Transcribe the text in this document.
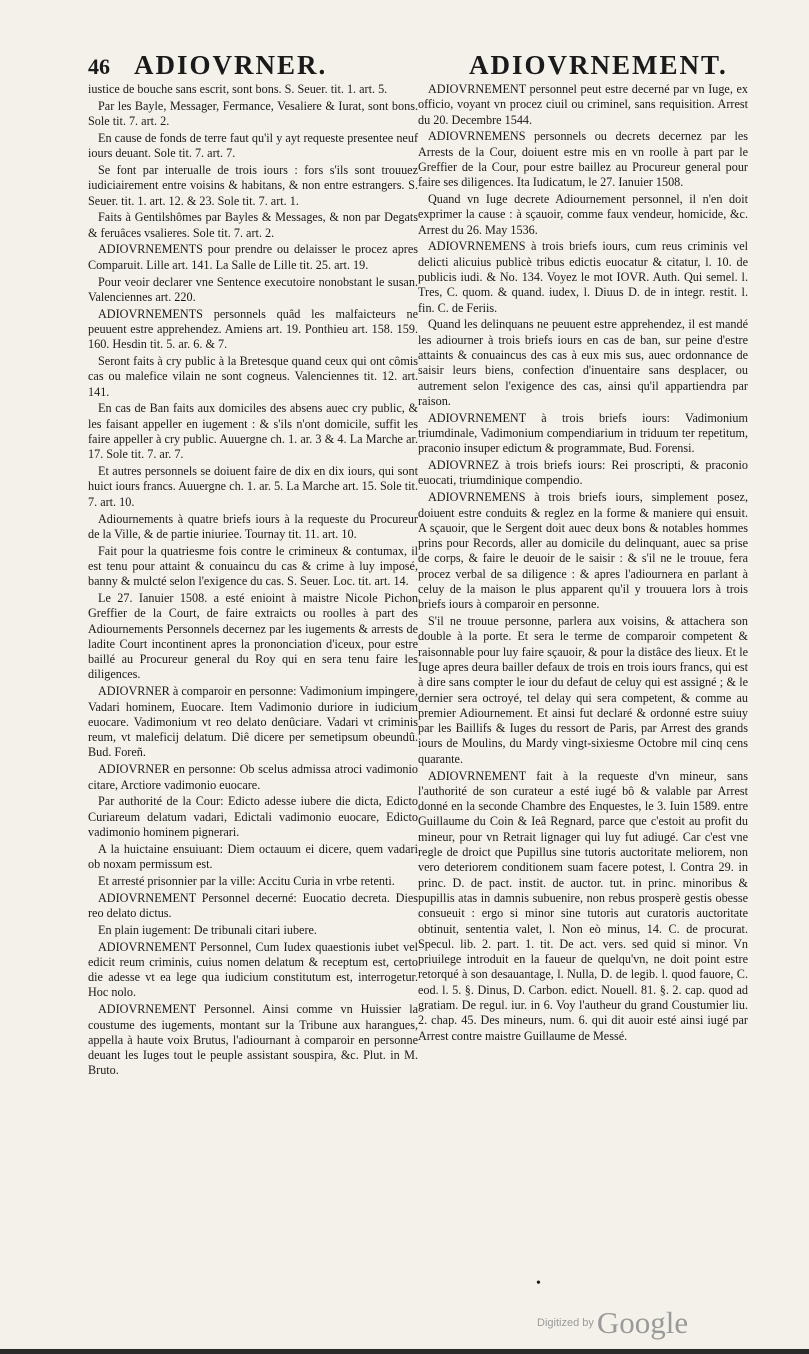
46 ADIOVRNER.	ADIOVRNEMENT.

iustice de bouche sans escrit, sont bons. S. Seuer. tit. 1. art. 5.

Par les Bayle, Messager, Fermance, Vesaliere & Iurat, sont bons. Sole tit. 7. art. 2.

En cause de fonds de terre faut qu'il y ayt requeste presentee neuf iours deuant. Sole tit. 7. art. 7.

Se font par interualle de trois iours : fors s'ils sont trouuez iudiciairement entre voisins & habitans, & non entre estrangers. S. Seuer. tit. 1. art. 12. & 23. Sole tit. 7. art. 1.

Faits à Gentilshômes par Bayles & Messages, & non par Degats & feruâces vsalieres. Sole tit. 7. art. 2.

ADIOVRNEMENTS pour prendre ou delaisser le procez apres Comparuit. Lille art. 141. La Salle de Lille tit. 25. art. 19.

Pour veoir declarer vne Sentence executoire nonobstant le susan. Valenciennes art. 220.

ADIOVRNEMENTS personnels quâd les malfaicteurs ne peuuent estre apprehendez. Amiens art. 19. Ponthieu art. 158. 159. 160. Hesdin tit. 5. ar. 6. & 7.

Seront faits à cry public à la Bretesque quand ceux qui ont cômis cas ou malefice vilain ne sont cogneus. Valenciennes tit. 12. art. 141.

En cas de Ban faits aux domiciles des absens auec cry public, & les faisant appeller en iugement : & s'ils n'ont domicile, suffit les faire appeller à cry public. Auuergne ch. 1. ar. 3 & 4. La Marche ar. 17. Sole tit. 7. ar. 7.

Et autres personnels se doiuent faire de dix en dix iours, qui sont huict iours francs. Auuergne ch. 1. ar. 5. La Marche art. 15. Sole tit. 7. art. 10.

Adiournements à quatre briefs iours à la requeste du Procureur de la Ville, & de partie iniuriee. Tournay tit. 11. art. 10.

Fait pour la quatriesme fois contre le crimineux & contumax, il est tenu pour attaint & conuaincu du cas & crime à luy imposé, banny & mulcté selon l'exigence du cas. S. Seuer. Loc. tit. art. 14.

Le 27. Ianuier 1508. a esté enioint à maistre Nicole Pichon Greffier de la Court, de faire extraicts ou roolles à part des Adiournements Personnels decernez par les iugements & arrests de ladite Court incontinent apres la prononciation d'iceux, pour estre baillé au Procureur general du Roy qui en sera tenu faire les diligences.

ADIOVRNER à comparoir en personne: Vadimonium impingere, Vadari hominem, Euocare. Item Vadimonio duriore in iudicium euocare. Vadimonium vt reo delato denûciare. Vadari vt criminis reum, vt maleficij delatum. Diê dicere per semetipsum obeundû. Bud. Foreñ.

ADIOVRNER en personne: Ob scelus admissa atroci vadimonio citare, Arctiore vadimonio euocare.

Par authorité de la Cour: Edicto adesse iubere die dicta, Edicto Curiareum delatum vadari, Edictali vadimonio euocare, Edicto vadimonio hominem pignerari.

A la huictaine ensuiuant: Diem octauum ei dicere, quem vadari ob noxam permissum est.

Et arresté prisonnier par la ville: Accitu Curia in vrbe retenti.

ADIOVRNEMENT Personnel decerné: Euocatio decreta. Dies reo delato dictus.

En plain iugement: De tribunali citari iubere.

ADIOVRNEMENT Personnel, Cum Iudex quaestionis iubet vel edicit reum criminis, cuius nomen delatum & receptum est, certo die adesse vt ea lege qua iudicium constitutum est, interrogetur. Hoc nolo.

ADIOVRNEMENT Personnel. Ainsi comme vn Huissier la coustume des iugements, montant sur la Tribune aux harangues, appella à haute voix Brutus, l'adiournant à comparoir en personne deuant les Iuges tout le peuple assistant souspira, &c. Plut. in M. Bruto.

ADIOVRNEMENT personnel peut estre decerné par vn Iuge, ex officio, voyant vn procez ciuil ou criminel, sans requisition. Arrest du 20. Decembre 1544.

ADIOVRNEMENS personnels ou decrets decernez par les Arrests de la Cour, doiuent estre mis en vn roolle à part par le Greffier de la Cour, pour estre baillez au Procureur general pour faire ses diligences. Ita Iudicatum, le 27. Ianuier 1508.

Quand vn Iuge decrete Adiournement personnel, il n'en doit exprimer la cause : à sçauoir, comme faux vendeur, homicide, &c. Arrest du 26. May 1536.

ADIOVRNEMENS à trois briefs iours, cum reus criminis vel delicti alicuius publicè tribus edictis euocatur & citatur, l. 10. de publicis iudi. & No. 134. Voyez le mot IOVR. Auth. Qui semel. l. Tres, C. quom. & quand. iudex, l. Diuus D. de in integr. restit. l. fin. C. de Feriis.

Quand les delinquans ne peuuent estre apprehendez, il est mandé les adiourner à trois briefs iours en cas de ban, sur peine d'estre attaints & conuaincus des cas à eux mis sus, auec ordonnance de saisir leurs biens, confection d'inuentaire sans desplacer, ou autrement selon l'exigence des cas, ainsi qu'il appartiendra par raison.

ADIOVRNEMENT à trois briefs iours: Vadimonium triumdinale, Vadimonium compendiarium in triduum ter repetitum, praconio insuper edictum & programmate, Bud. Forensi.

ADIOVRNEZ à trois briefs iours: Rei proscripti, & praconio euocati, triumdinique compendio.

ADIOVRNEMENS à trois briefs iours, simplement posez, doiuent estre conduits & reglez en la forme & maniere qui ensuit. A sçauoir, que le Sergent doit auec deux bons & notables hommes prins pour Records, aller au domicile du delinquant, auec sa prise de corps, & faire le deuoir de le saisir : & s'il ne le trouue, fera procez verbal de sa diligence : & apres l'adiournera en parlant à celuy de la maison le plus apparent qu'il y trouuera lors à trois briefs iours à comparoir en personne.

S'il ne trouue personne, parlera aux voisins, & attachera son double à la porte. Et sera le terme de comparoir competent & raisonnable pour luy faire sçauoir, & pour la distâce des lieux. Et le Iuge apres deura bailler defaux de trois en trois iours francs, qui est à dire sans compter le iour du defaut de celuy qui est assigné ; & le dernier sera octroyé, tel delay qui sera competent, & comme au premier Adiournement. Et ainsi fut declaré & ordonné estre suiuy par les Baillifs & Iuges du ressort de Paris, par Arrest des grands iours de Moulins, du Mardy vingt-sixiesme Octobre mil cinq cens quarante.

ADIOVRNEMENT fait à la requeste d'vn mineur, sans l'authorité de son curateur a esté iugé bô & valable par Arrest donné en la seconde Chambre des Enquestes, le 3. Iuin 1589. entre Guillaume du Coin & Ieâ Regnard, parce que c'estoit au profit du mineur, pour vn Retrait lignager qui luy fut adiugé. Car c'est vne regle de droict que Pupillus sine tutoris auctoritate meliorem, non vero deteriorem conditionem suam facere potest, l. Contra 29. in princ. D. de pact. instit. de auctor. tut. in princ. minoribus & pupillis atas in damnis subuenire, non rebus prosperè gestis obesse consueuit : ergo si minor sine tutoris aut curatoris auctoritate obtinuit, sententia valet, l. Non eò minus, 14. C. de procurat. Specul. lib. 2. part. 1. tit. De act. vers. sed quid si minor. Vn priuilege introduit en la faueur de quelqu'vn, ne doit point estre retorqué à son desauantage, l. Nulla, D. de legib. l. quod fauore, C. eod. l. 5. §. Dinus, D. Carbon. edict. Nouell. 81. §. 2. cap. quod ad gratiam. De regul. iur. in 6. Voy l'autheur du grand Coustumier liu. 2. chap. 45. Des mineurs, num. 6. qui dit auoir esté ainsi iugé par Arrest contre maistre Guillaume de Messé.

•
Digitized byGoogle
